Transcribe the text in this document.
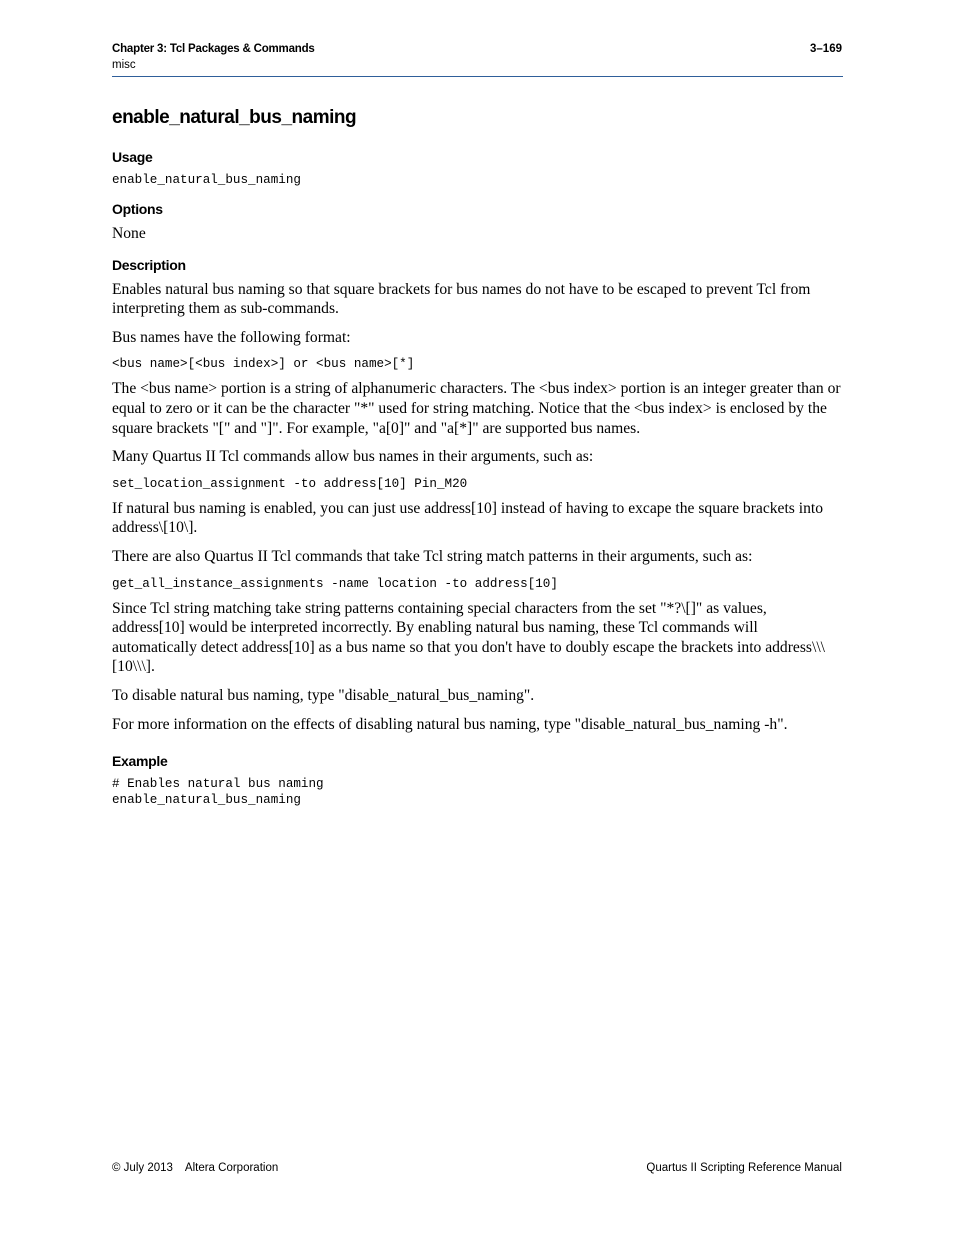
Chapter 3: Tcl Packages & Commands
misc
3–169
enable_natural_bus_naming
Usage
enable_natural_bus_naming
Options
None
Description
Enables natural bus naming so that square brackets for bus names do not have to be escaped to prevent Tcl from interpreting them as sub-commands.
Bus names have the following format:
<bus name>[<bus index>] or <bus name>[*]
The <bus name> portion is a string of alphanumeric characters. The <bus index> portion is an integer greater than or equal to zero or it can be the character "*" used for string matching. Notice that the <bus index> is enclosed by the square brackets "[" and "]". For example, "a[0]" and "a[*]" are supported bus names.
Many Quartus II Tcl commands allow bus names in their arguments, such as:
set_location_assignment -to address[10] Pin_M20
If natural bus naming is enabled, you can just use address[10] instead of having to excape the square brackets into address\[10\].
There are also Quartus II Tcl commands that take Tcl string match patterns in their arguments, such as:
get_all_instance_assignments -name location -to address[10]
Since Tcl string matching take string patterns containing special characters from the set "*?\[]" as values, address[10] would be interpreted incorrectly. By enabling natural bus naming, these Tcl commands will automatically detect address[10] as a bus name so that you don't have to doubly escape the brackets into address\\\[10\\\].
To disable natural bus naming, type "disable_natural_bus_naming".
For more information on the effects of disabling natural bus naming, type "disable_natural_bus_naming -h".
Example
# Enables natural bus naming
enable_natural_bus_naming
© July 2013 Altera Corporation	Quartus II Scripting Reference Manual
